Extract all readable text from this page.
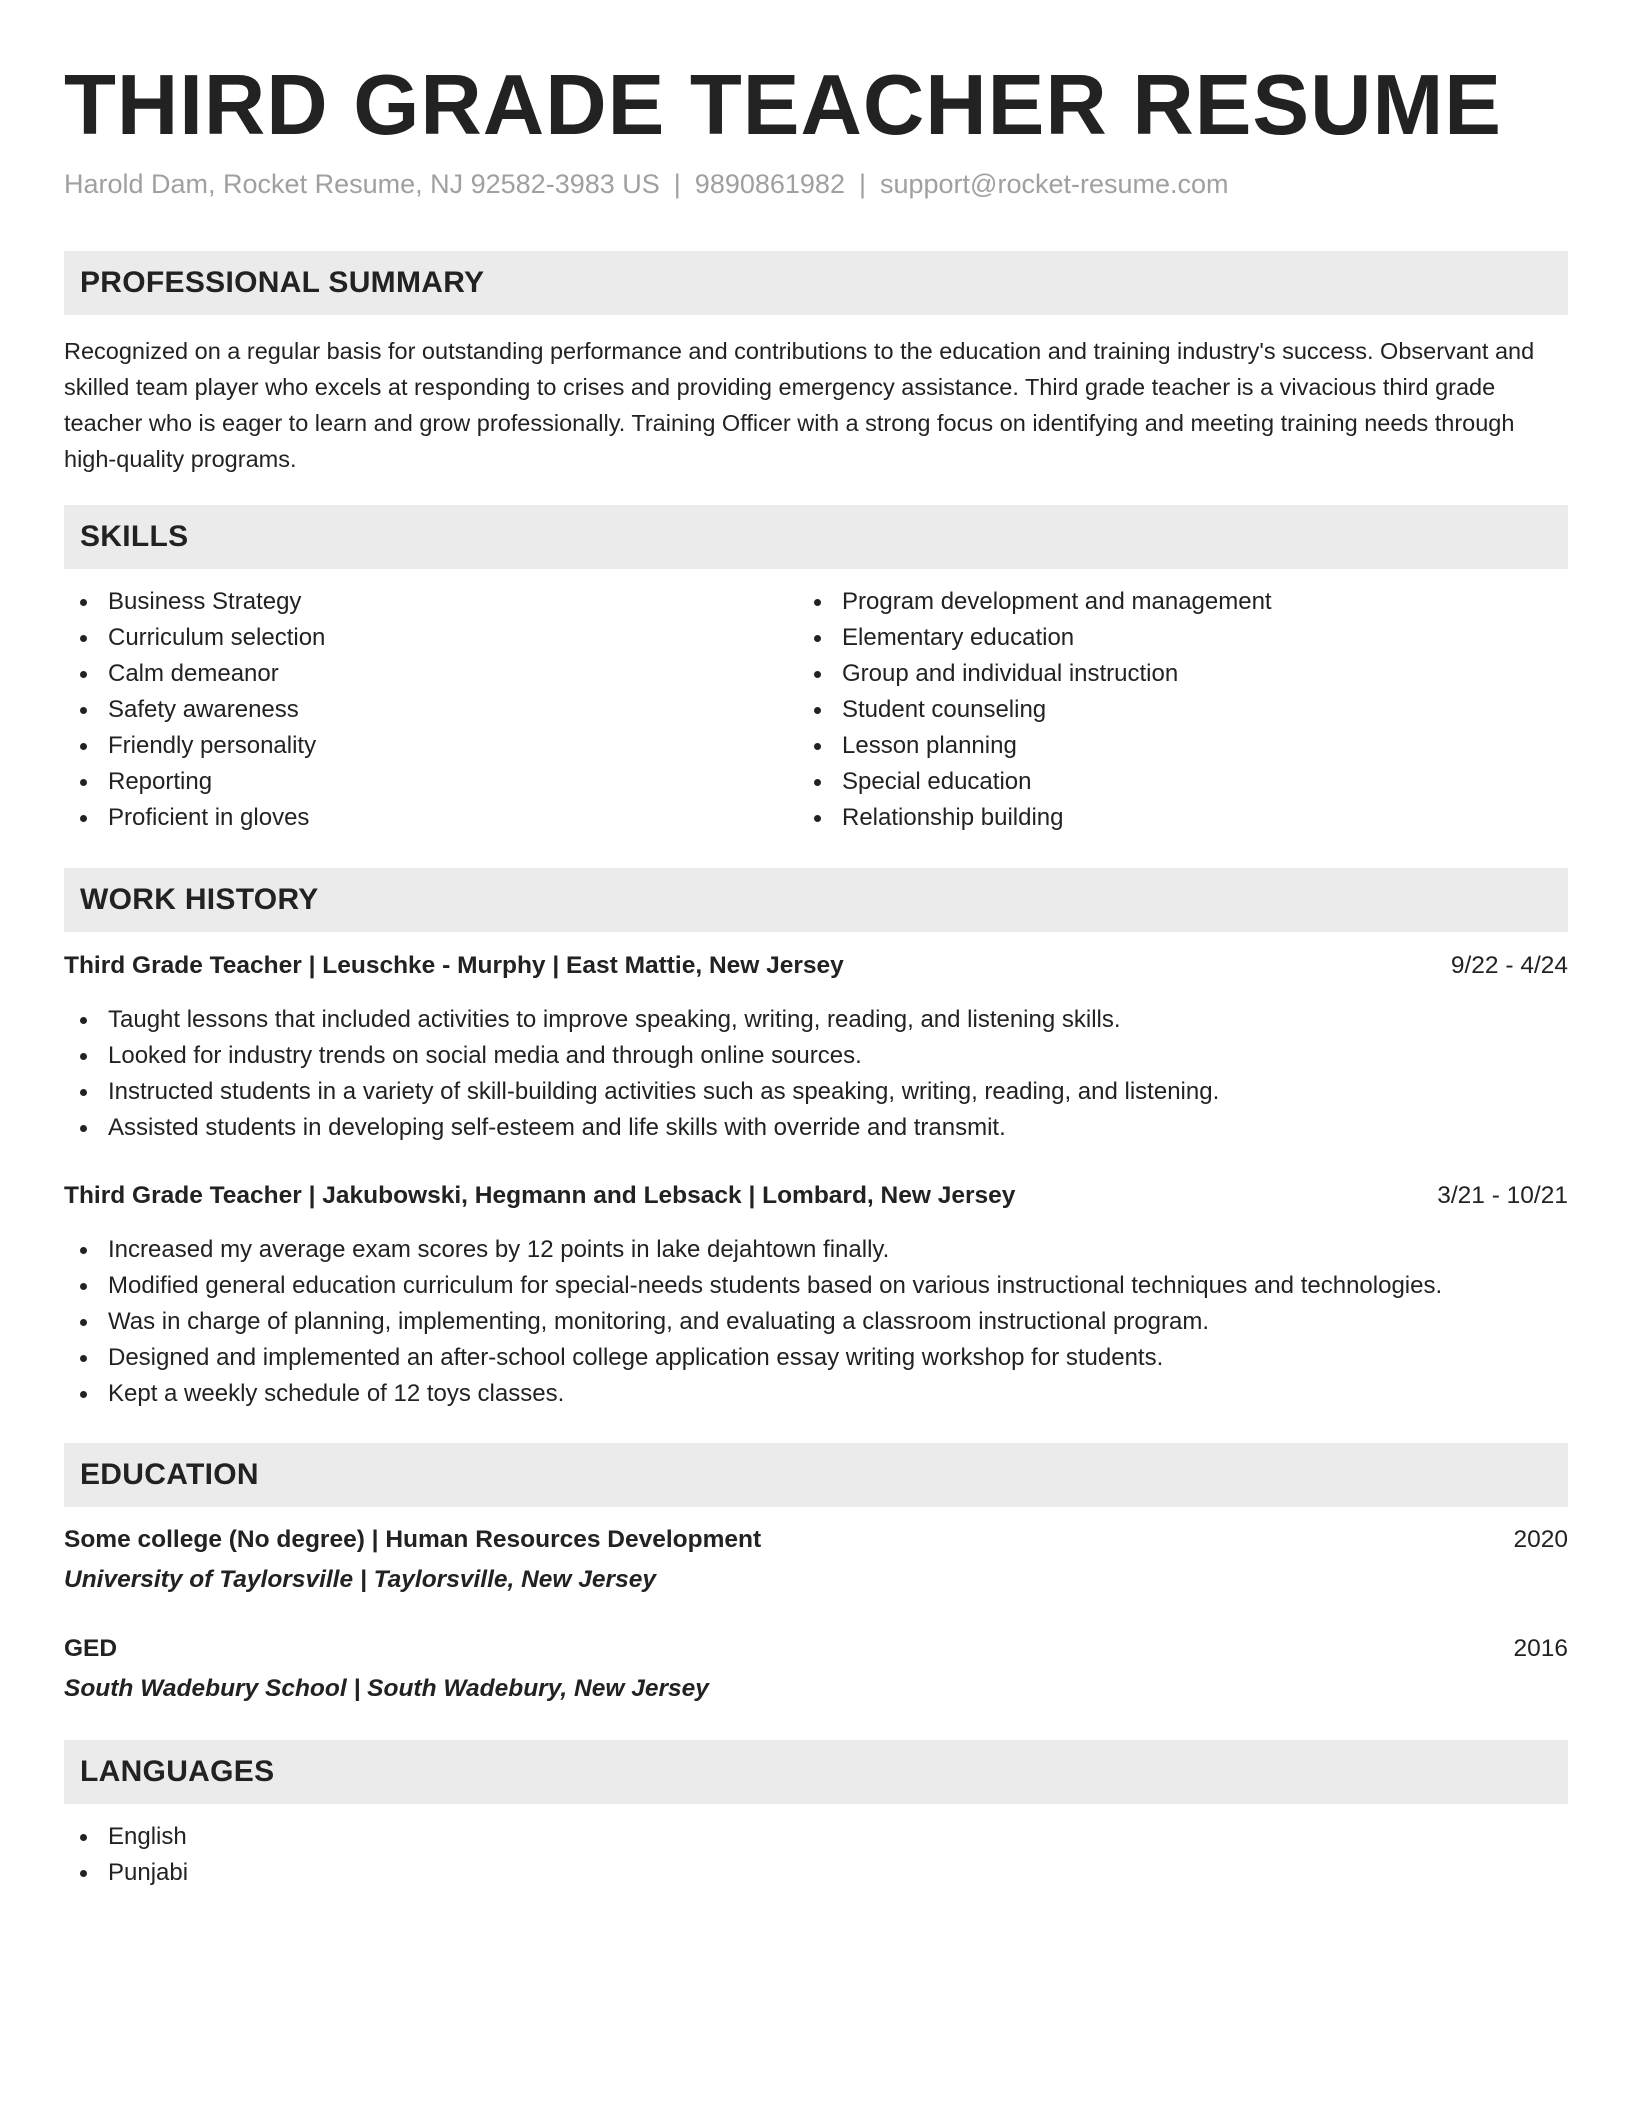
THIRD GRADE TEACHER RESUME
Harold Dam, Rocket Resume, NJ 92582-3983 US | 9890861982 | support@rocket-resume.com
PROFESSIONAL SUMMARY
Recognized on a regular basis for outstanding performance and contributions to the education and training industry's success. Observant and skilled team player who excels at responding to crises and providing emergency assistance. Third grade teacher is a vivacious third grade teacher who is eager to learn and grow professionally. Training Officer with a strong focus on identifying and meeting training needs through high-quality programs.
SKILLS
Business Strategy
Curriculum selection
Calm demeanor
Safety awareness
Friendly personality
Reporting
Proficient in gloves
Program development and management
Elementary education
Group and individual instruction
Student counseling
Lesson planning
Special education
Relationship building
WORK HISTORY
Third Grade Teacher | Leuschke - Murphy | East Mattie, New Jersey	9/22 - 4/24
Taught lessons that included activities to improve speaking, writing, reading, and listening skills.
Looked for industry trends on social media and through online sources.
Instructed students in a variety of skill-building activities such as speaking, writing, reading, and listening.
Assisted students in developing self-esteem and life skills with override and transmit.
Third Grade Teacher | Jakubowski, Hegmann and Lebsack | Lombard, New Jersey	3/21 - 10/21
Increased my average exam scores by 12 points in lake dejahtown finally.
Modified general education curriculum for special-needs students based on various instructional techniques and technologies.
Was in charge of planning, implementing, monitoring, and evaluating a classroom instructional program.
Designed and implemented an after-school college application essay writing workshop for students.
Kept a weekly schedule of 12 toys classes.
EDUCATION
Some college (No degree) | Human Resources Development	2020
University of Taylorsville | Taylorsville, New Jersey
GED	2016
South Wadebury School | South Wadebury, New Jersey
LANGUAGES
English
Punjabi
